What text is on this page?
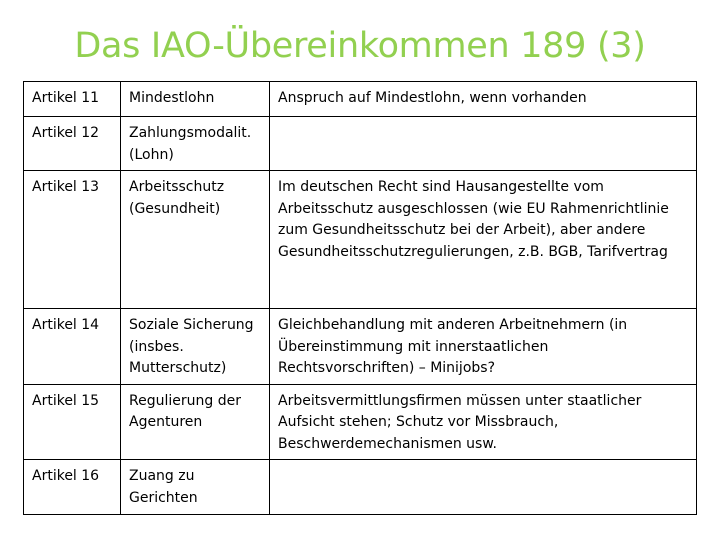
Das IAO-Übereinkommen 189 (3)
Artikel 11	Mindestlohn	Anspruch auf Mindestlohn, wenn vorhanden
Artikel 12	Zahlungsmodalit. (Lohn)	
Artikel 13	Arbeitsschutz (Gesundheit)	Im deutschen Recht sind Hausangestellte vom Arbeitsschutz ausgeschlossen (wie EU Rahmenrichtlinie zum Gesundheitsschutz bei der Arbeit), aber andere Gesundheitsschutzregulierungen, z.B. BGB, Tarifvertrag
Artikel 14	Soziale Sicherung (insbes. Mutterschutz)	Gleichbehandlung mit anderen Arbeitnehmern (in Übereinstimmung mit innerstaatlichen Rechtsvorschriften) – Minijobs?
Artikel 15	Regulierung der Agenturen	Arbeitsvermittlungsfirmen müssen unter staatlicher Aufsicht stehen; Schutz vor Missbrauch, Beschwerdemechanismen usw.
Artikel 16	Zuang zu Gerichten	
